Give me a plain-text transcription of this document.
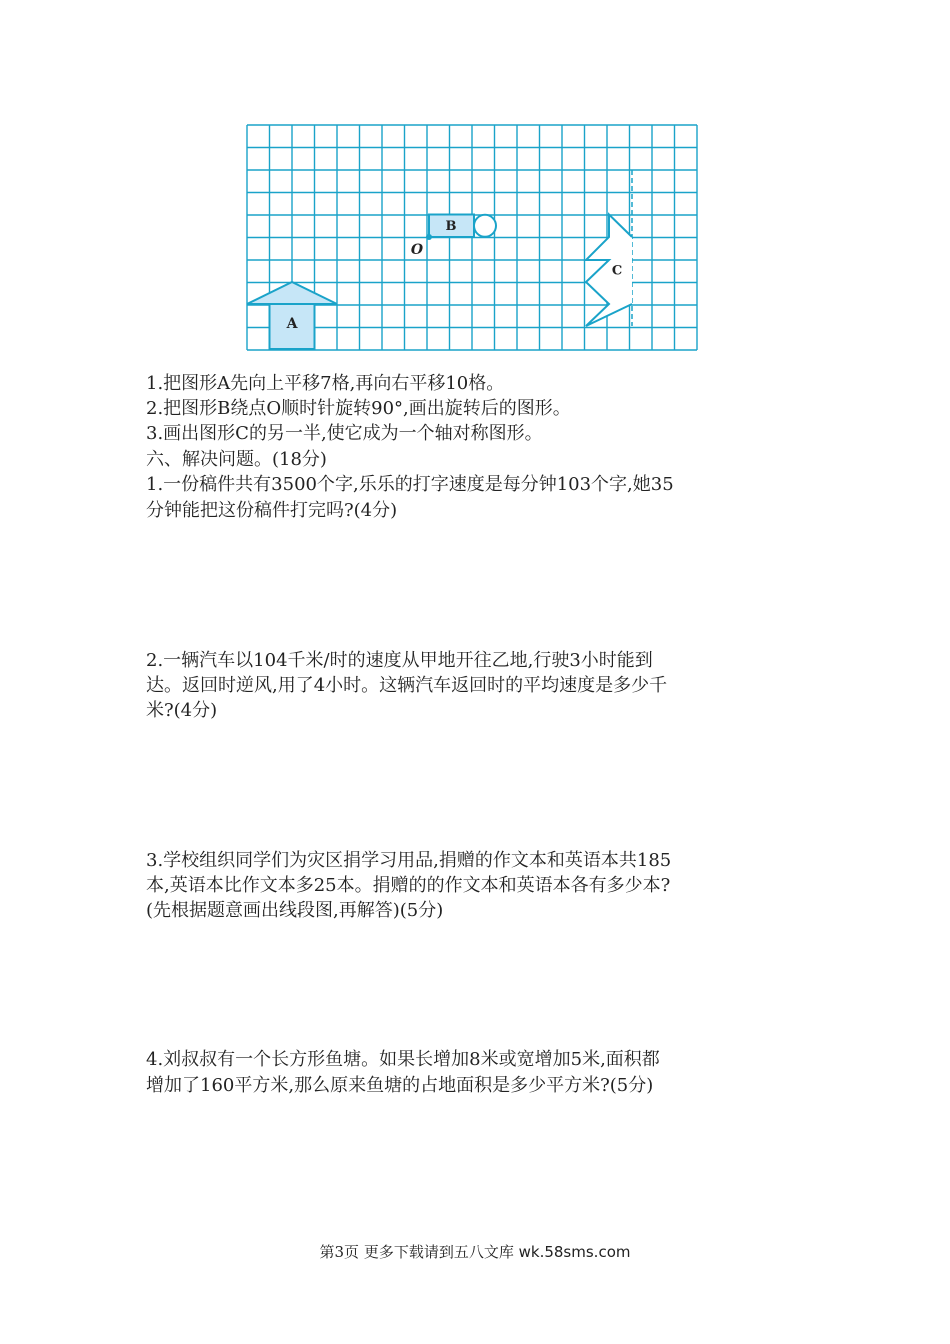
A
B
O
C

1.把图形A先向上平移7格,再向右平移10格。

2.把图形B绕点O顺时针旋转90°,画出旋转后的图形。

3.画出图形C的另一半,使它成为一个轴对称图形。

六、解决问题。(18分)

1.一份稿件共有3500个字,乐乐的打字速度是每分钟103个字,她35

分钟能把这份稿件打完吗?(4分)

2.一辆汽车以104千米/时的速度从甲地开往乙地,行驶3小时能到

达。返回时逆风,用了4小时。这辆汽车返回时的平均速度是多少千

米?(4分)

3.学校组织同学们为灾区捐学习用品,捐赠的作文本和英语本共185

本,英语本比作文本多25本。捐赠的的作文本和英语本各有多少本?

(先根据题意画出线段图,再解答)(5分)

4.刘叔叔有一个长方形鱼塘。如果长增加8米或宽增加5米,面积都

增加了160平方米,那么原来鱼塘的占地面积是多少平方米?(5分)

第3页 更多下载请到五八文库 wk.58sms.com
